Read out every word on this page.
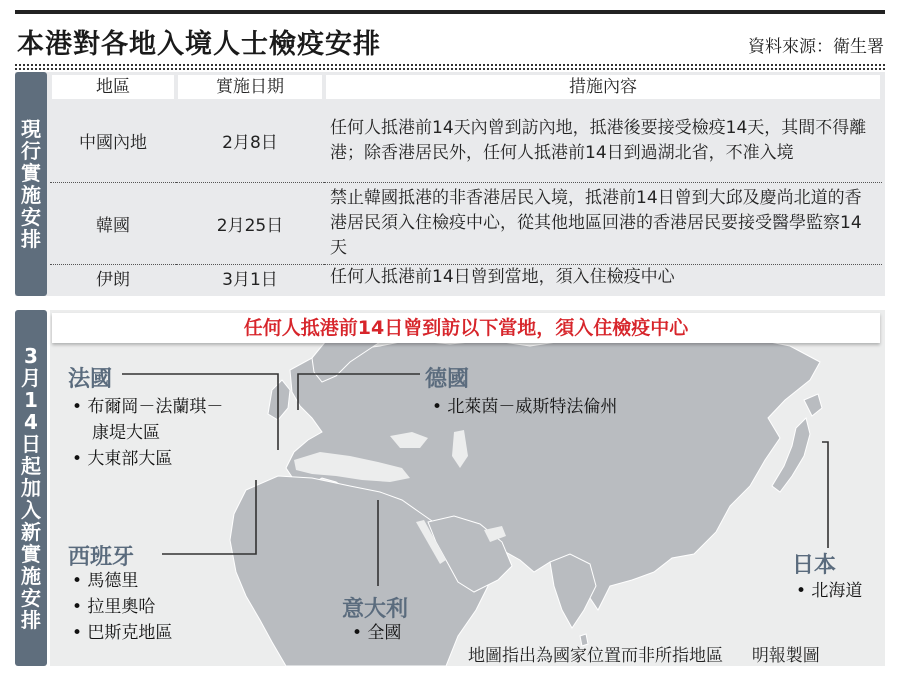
本港對各地入境人士檢疫安排	資料來源：衛生署
現行實施安排
地區	實施日期	措施內容

中國內地	2月8日	任何人抵港前14天內曾到訪內地，抵港後要接受檢疫14天，其間不得離港；除香港居民外，任何人抵港前14日到過湖北省，不准入境
韓國	2月25日	禁止韓國抵港的非香港居民入境，抵港前14日曾到大邱及慶尚北道的香港居民須入住檢疫中心，從其他地區回港的香港居民要接受醫學監察14天
伊朗	3月1日	任何人抵港前14日曾到當地，須入住檢疫中心
3月14日起加入新實施安排
任何人抵港前14日曾到訪以下當地，須入住檢疫中心
法國
• 布爾岡－法蘭琪－
康堤大區
• 大東部大區
德國
• 北萊茵－威斯特法倫州
西班牙
• 馬德里
• 拉里奧哈
• 巴斯克地區
意大利
• 全國
日本
• 北海道
地圖指出為國家位置而非所指地區 明報製圖
